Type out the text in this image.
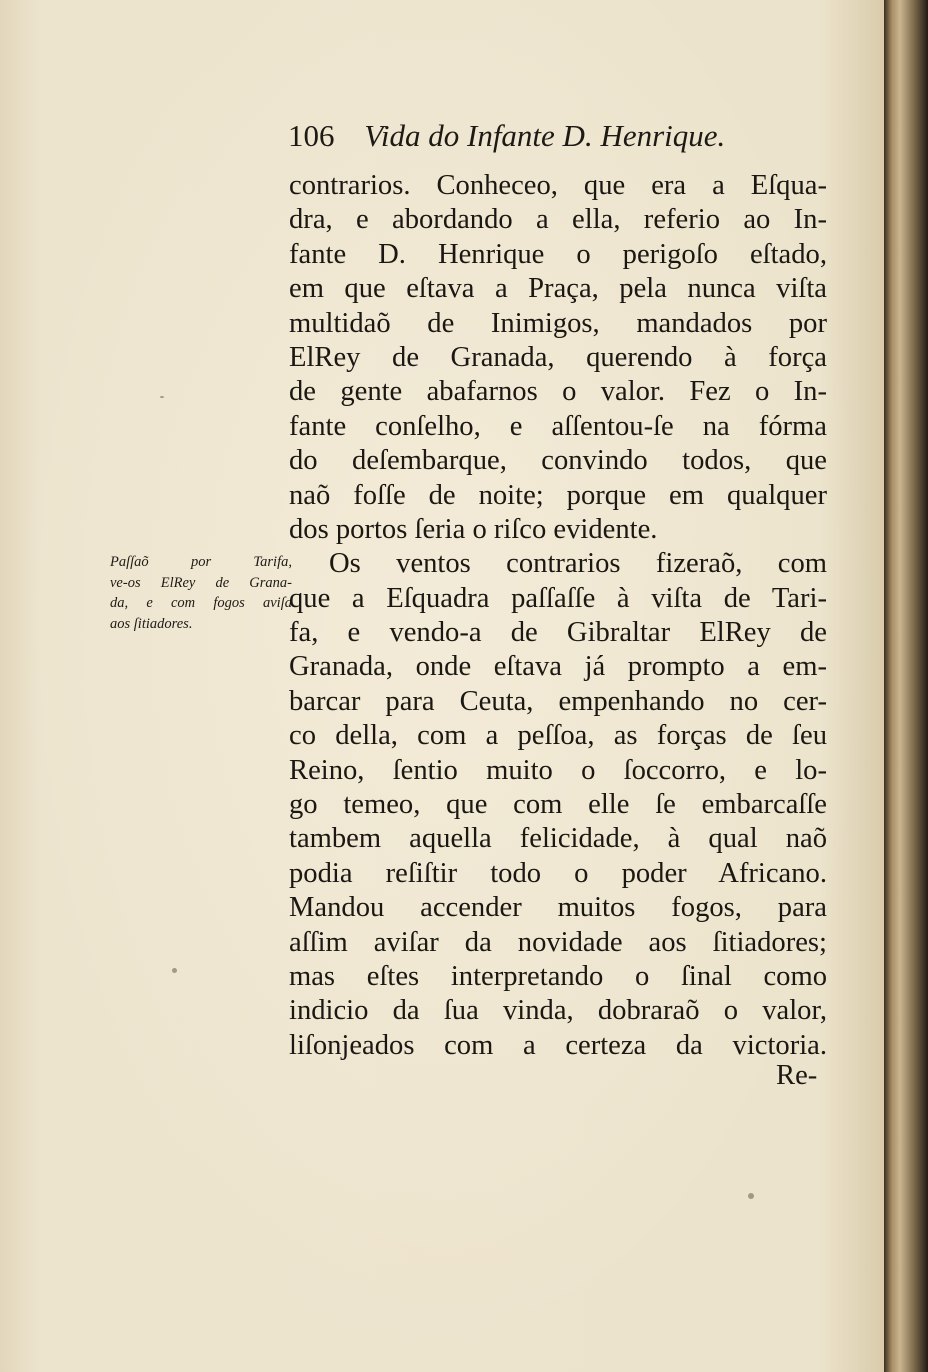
106 Vida do Infante D. Henrique.
Paſſaõ por Tarifa,
ve-os ElRey de Grana-
da, e com fogos aviſa
aos ſitiadores.
contrarios. Conheceo, que era a Eſqua-
dra, e abordando a ella, referio ao In-
fante D. Henrique o perigoſo eſtado,
em que eſtava a Praça, pela nunca viſta
multidaõ de Inimigos, mandados por
ElRey de Granada, querendo à força
de gente abafarnos o valor. Fez o In-
fante conſelho, e aſſentou-ſe na fórma
do deſembarque, convindo todos, que
naõ foſſe de noite; porque em qualquer
dos portos ſeria o riſco evidente.
Os ventos contrarios fizeraõ, com
que a Eſquadra paſſaſſe à viſta de Tari-
fa, e vendo-a de Gibraltar ElRey de
Granada, onde eſtava já prompto a em-
barcar para Ceuta, empenhando no cer-
co della, com a peſſoa, as forças de ſeu
Reino, ſentio muito o ſoccorro, e lo-
go temeo, que com elle ſe embarcaſſe
tambem aquella felicidade, à qual naõ
podia reſiſtir todo o poder Africano.
Mandou accender muitos fogos, para
aſſim aviſar da novidade aos ſitiadores;
mas eſtes interpretando o ſinal como
indicio da ſua vinda, dobraraõ o valor,
liſonjeados com a certeza da victoria.
Re-
